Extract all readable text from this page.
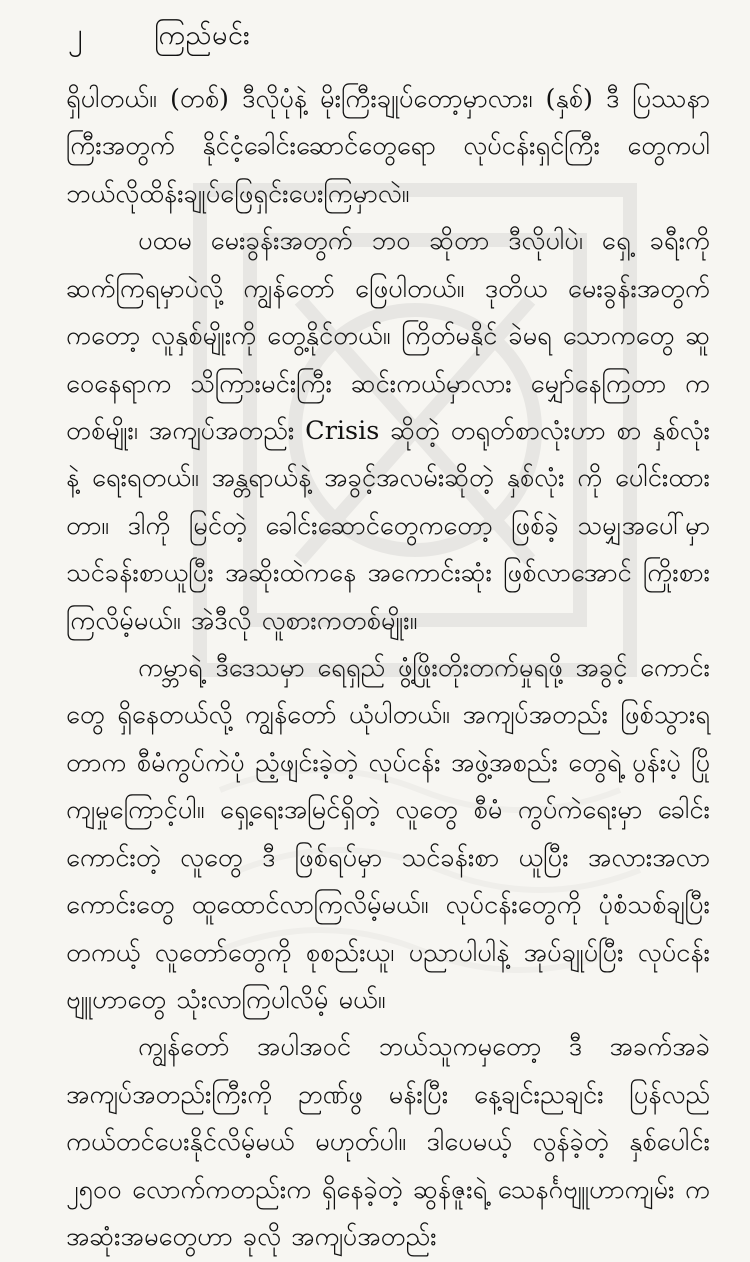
၂	ကြည်မင်း

ရှိပါတယ်။ (တစ်) ဒီလိုပုံနဲ့ မိုးကြီးချုပ်တော့မှာလား၊ (နှစ်) ဒီ ပြဿနာကြီးအတွက် နိုင်ငံ့ခေါင်းဆောင်တွေရော လုပ်ငန်းရှင်ကြီး တွေကပါ ဘယ်လိုထိန်းချုပ်ဖြေရှင်းပေးကြမှာလဲ။

ပထမ မေးခွန်းအတွက် ဘဝ ဆိုတာ ဒီလိုပါပဲ၊ ရှေ့ ခရီးကို ဆက်ကြရမှာပဲလို့ ကျွန်တော် ဖြေပါတယ်။ ဒုတိယ မေးခွန်းအတွက် ကတော့ လူနှစ်မျိုးကို တွေ့နိုင်တယ်။ ကြိတ်မနိုင် ခဲမရ သောကတွေ ဆူဝေနေရာက သိကြားမင်းကြီး ဆင်းကယ်မှာလား မျှော်နေကြတာ က တစ်မျိုး၊ အကျပ်အတည်း Crisis ဆိုတဲ့ တရုတ်စာလုံးဟာ စာ နှစ်လုံးနဲ့ ရေးရတယ်။ အန္တရာယ်နဲ့ အခွင့်အလမ်းဆိုတဲ့ နှစ်လုံး ကို ပေါင်းထားတာ။ ဒါကို မြင်တဲ့ ခေါင်းဆောင်တွေကတော့ ဖြစ်ခဲ့ သမျှအပေါ်မှာ သင်ခန်းစာယူပြီး အဆိုးထဲကနေ အကောင်းဆုံး ဖြစ်လာအောင် ကြိုးစားကြလိမ့်မယ်။ အဲဒီလို လူစားကတစ်မျိုး။

ကမ္ဘာရဲ့ ဒီဒေသမှာ ရေရှည် ဖွံ့ဖြိုးတိုးတက်မှုရဖို့ အခွင့် ကောင်းတွေ ရှိနေတယ်လို့ ကျွန်တော် ယုံပါတယ်။ အကျပ်အတည်း ဖြစ်သွားရတာက စီမံကွပ်ကဲပုံ ညံ့ဖျင်းခဲ့တဲ့ လုပ်ငန်း အဖွဲ့အစည်း တွေရဲ့ ပွန်းပဲ့ ပြိုကျမှုကြောင့်ပါ။ ရှေ့ရေးအမြင်ရှိတဲ့ လူတွေ စီမံ ကွပ်ကဲရေးမှာ ခေါင်းကောင်းတဲ့ လူတွေ ဒီ ဖြစ်ရပ်မှာ သင်ခန်းစာ ယူပြီး အလားအလာကောင်းတွေ ထူထောင်လာကြလိမ့်မယ်။ လုပ်ငန်းတွေကို ပုံစံသစ်ချပြီး တကယ့် လူတော်တွေကို စုစည်းယူ၊ ပညာပါပါနဲ့ အုပ်ချုပ်ပြီး လုပ်ငန်းဗျူဟာတွေ သုံးလာကြပါလိမ့် မယ်။

ကျွန်တော် အပါအဝင် ဘယ်သူကမှတော့ ဒီ အခက်အခဲ အကျပ်အတည်းကြီးကို ဉာဏ်ဖွ မန်းပြီး နေ့ချင်းညချင်း ပြန်လည် ကယ်တင်ပေးနိုင်လိမ့်မယ် မဟုတ်ပါ။ ဒါပေမယ့် လွန်ခဲ့တဲ့ နှစ်ပေါင်း ၂၅၀၀ လောက်ကတည်းက ရှိနေခဲ့တဲ့ ဆွန်ဇူးရဲ့ သေနင်္ဂဗျူဟာကျမ်း က အဆုံးအမတွေဟာ ခုလို အကျပ်အတည်း
